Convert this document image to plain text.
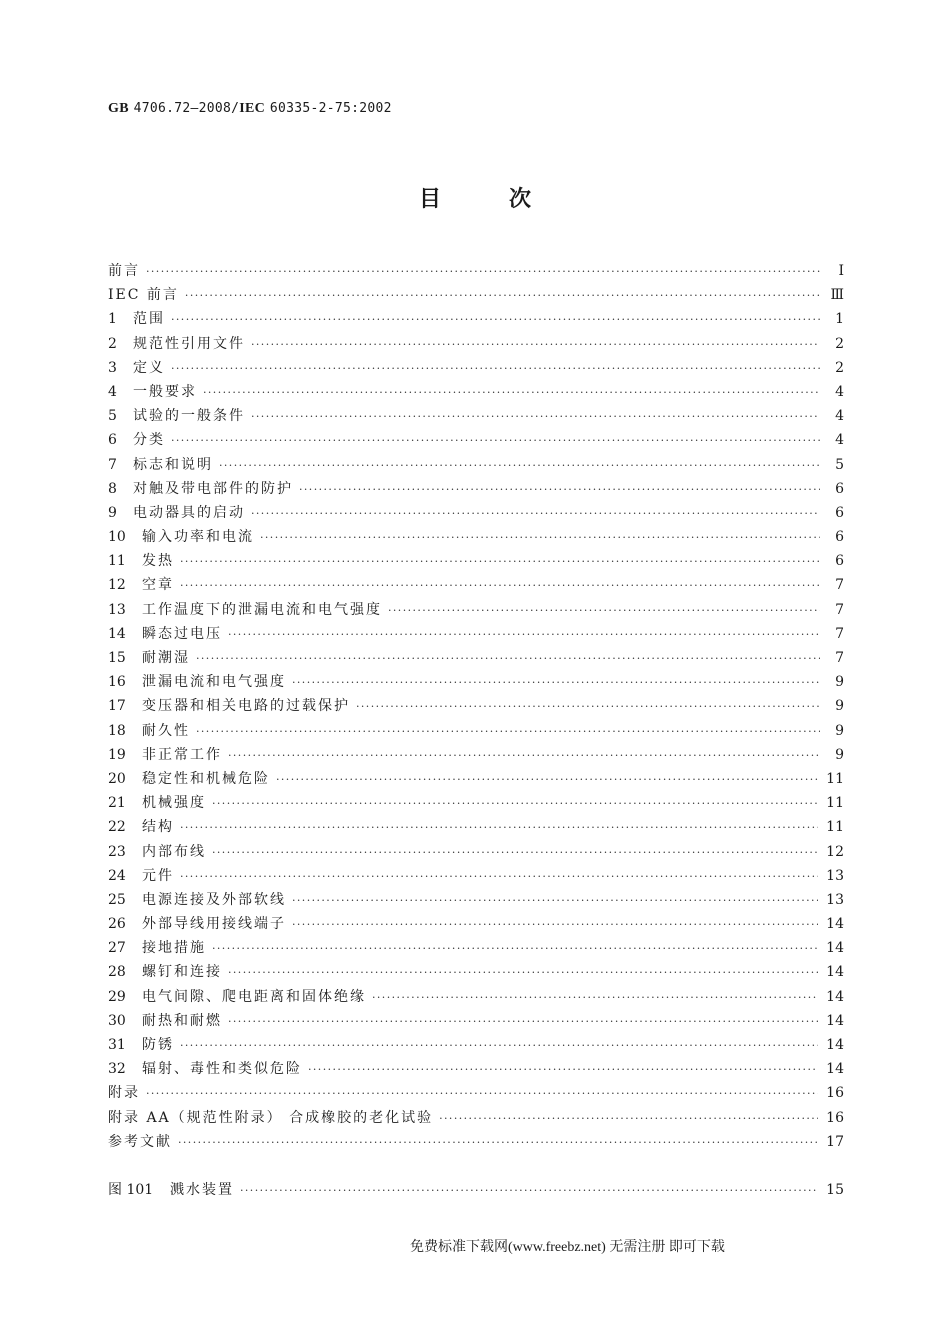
GB 4706.72—2008/IEC 60335-2-75:2002
目	次
前言 ·····	Ⅰ
IEC 前言 ·····	Ⅲ
1	范围 ·····	1
2	规范性引用文件 ·····	2
3	定义 ·····	2
4	一般要求 ·····	4
5	试验的一般条件 ·····	4
6	分类 ·····	4
7	标志和说明 ·····	5
8	对触及带电部件的防护 ·····	6
9	电动器具的启动 ·····	6
10	输入功率和电流 ·····	6
11	发热 ·····	6
12	空章 ·····	7
13	工作温度下的泄漏电流和电气强度 ·····	7
14	瞬态过电压 ·····	7
15	耐潮湿 ·····	7
16	泄漏电流和电气强度 ·····	9
17	变压器和相关电路的过载保护 ·····	9
18	耐久性 ·····	9
19	非正常工作 ·····	9
20	稳定性和机械危险 ·····	11
21	机械强度 ·····	11
22	结构 ·····	11
23	内部布线 ·····	12
24	元件 ·····	13
25	电源连接及外部软线 ·····	13
26	外部导线用接线端子 ·····	14
27	接地措施 ·····	14
28	螺钉和连接 ·····	14
29	电气间隙、爬电距离和固体绝缘 ·····	14
30	耐热和耐燃 ·····	14
31	防锈 ·····	14
32	辐射、毒性和类似危险 ·····	14
附录 ·····	16
附录 AA（规范性附录） 合成橡胶的老化试验 ·····	16
参考文献 ·····	17
图 101	溅水装置 ·····	15
免费标准下载网(www.freebz.net) 无需注册 即可下载
